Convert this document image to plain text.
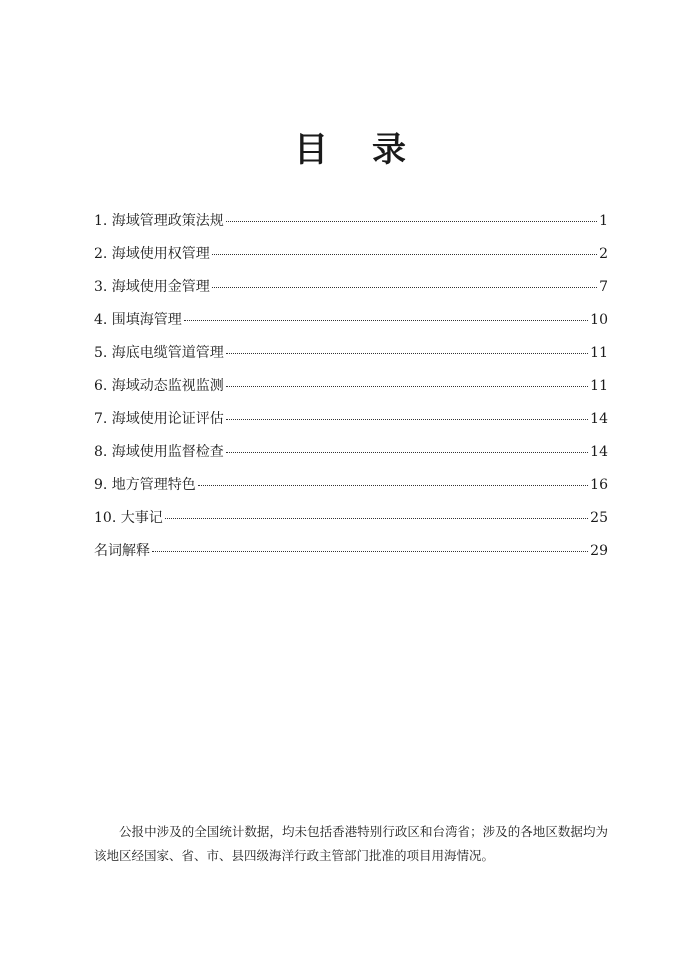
目 录
1. 海域管理政策法规	1
2. 海域使用权管理	2
3. 海域使用金管理	7
4. 围填海管理	10
5. 海底电缆管道管理	11
6. 海域动态监视监测	11
7. 海域使用论证评估	14
8. 海域使用监督检查	14
9. 地方管理特色	16
10. 大事记	25
名词解释	29

公报中涉及的全国统计数据，均未包括香港特别行政区和台湾省；涉及的各地区数据均为该地区经国家、省、市、县四级海洋行政主管部门批准的项目用海情况。
